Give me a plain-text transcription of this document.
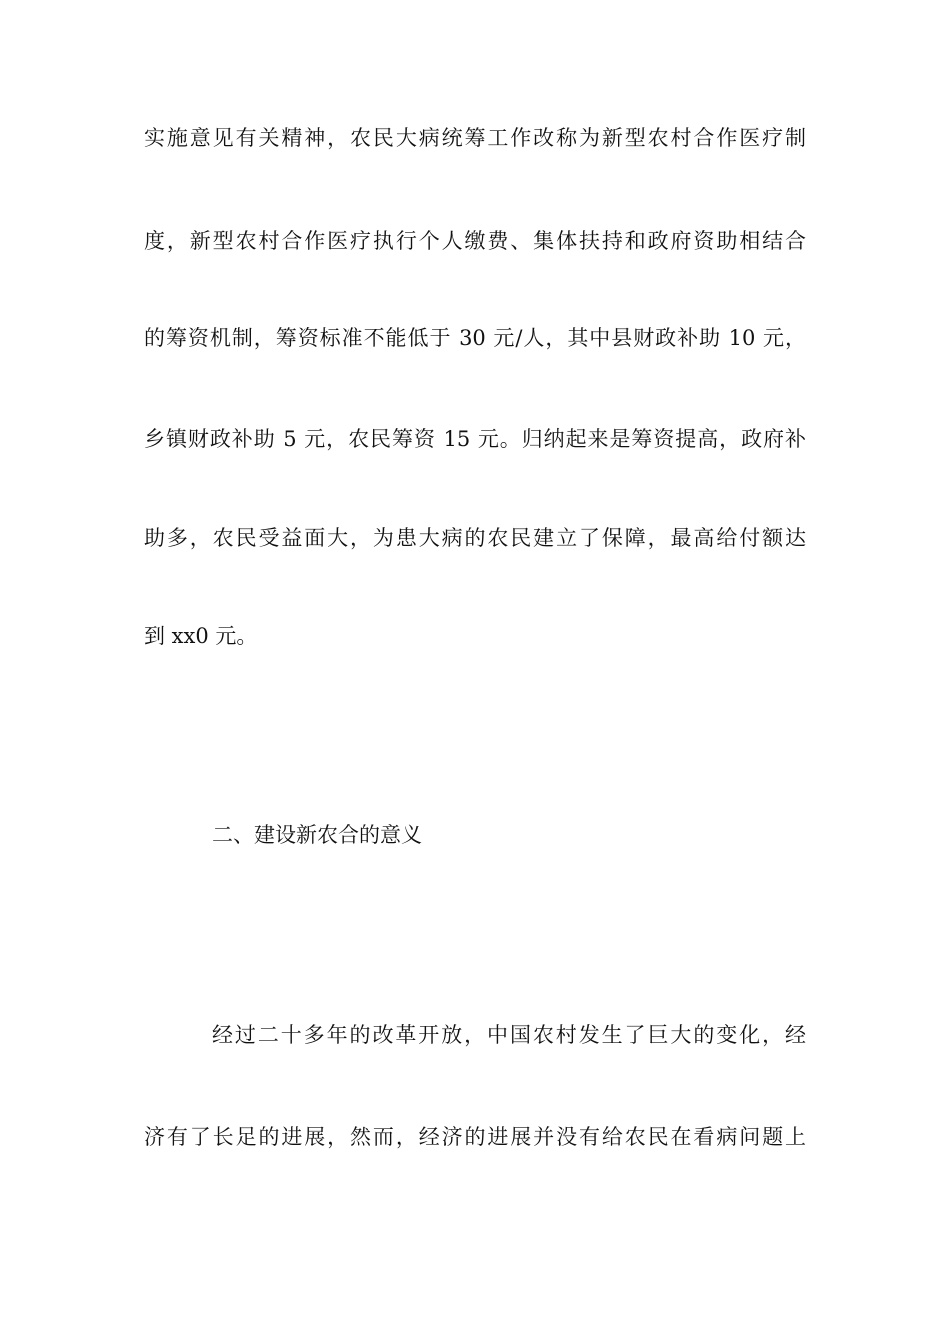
实施意见有关精神，农民大病统筹工作改称为新型农村合作医疗制
度，新型农村合作医疗执行个人缴费、集体扶持和政府资助相结合
的筹资机制，筹资标准不能低于 30 元/人，其中县财政补助 10 元，
乡镇财政补助 5 元，农民筹资 15 元。归纳起来是筹资提高，政府补
助多，农民受益面大，为患大病的农民建立了保障，最高给付额达
到 xx0 元。
二、建设新农合的意义
经过二十多年的改革开放，中国农村发生了巨大的变化，经
济有了长足的进展，然而，经济的进展并没有给农民在看病问题上
